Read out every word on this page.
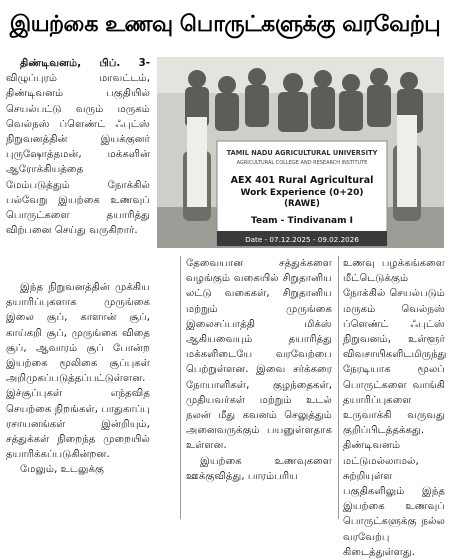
இயற்கை உணவு பொருட்களுக்கு வரவேற்பு

திண்டிவனம், பிப். 3- விழுப்புரம் மாவட்டம், திண்டிவனம் பகுதியில் செயல்பட்டு வரும் மருகம் வெல்நஸ் ப்ளெண்ட் ஃபுட்ஸ் நிறுவனத்தின் இயக்குனர் புருஷோத்தமன், மக்களின் ஆரோக்கியத்தை மேம்படுத்தும் நோக்கில் பல்வேறு இயற்கை உணவுப் பொருட்களை தயாரித்து விற்பனை செய்து வருகிறார்.

இந்த நிறுவனத்தின் முக்கிய தயாரிப்புகளாக முருங்கை இலை சூப், காளான் சூப், காய்கறி சூப், முருங்கை விதை சூப், ஆவாரம் சூப் போன்ற இயற்கை மூலிகை சூப்புகள் அறிமுகப்படுத்தப்பட்டுள்ளன. இச்சூப்புகள் எந்தவித செயற்கை நிறங்கள், பாதுகாப்பு ரசாயனங்கள் இன்றியும், சத்துக்கள் நிறைந்த முறையில் தயாரிக்கப்படுகின்றன.

மேலும், உடலுக்கு

TAMIL NADU AGRICULTURAL UNIVERSITY
AGRICULTURAL COLLEGE AND RESEARCH INSTITUTE
AEX 401 Rural Agricultural
Work Experience (0+20)
(RAWE)
Team - Tindivanam I
Date - 07.12.2025 - 09.02.2026

தேவையான சத்துக்களை வழங்கும் வகையில் சிறுதானிய லட்டு வகைகள், சிறுதானிய மற்றும் முருங்கை இலைசப்பாத்தி மிக்ஸ் ஆகியவையும் தயாரித்து மக்களிடையே வரவேற்பை பெற்றுள்ளன. இவை சர்க்கரை நோயாளிகள், குழந்தைகள், முதியவர்கள் மற்றும் உடல் நலன் மீது கவனம் செலுத்தும் அனைவருக்கும் பயனுள்ளதாக உள்ளன.

இயற்கை உணவுகளை ஊக்குவித்து, பாரம்பரிய

உணவு பழக்கங்களை மீட்டெடுக்கும் நோக்கில் செயல்படும் மருகம் வெல்நஸ் ப்ளெண்ட் ஃபுட்ஸ் நிறுவனம், உள்ளூர் விவசாயிகளிடமிருந்து நேரடியாக மூலப் பொருட்களை வாங்கி தயாரிப்புகளை உருவாக்கி வருவது குறிப்பிடத்தக்கது. திண்டிவனம் மட்டுமல்லாமல், சுற்றியுள்ள பகுதிகளிலும் இந்த இயற்கை உணவுப் பொருட்களுக்கு நல்ல வரவேற்பு கிடைத்துள்ளது.
